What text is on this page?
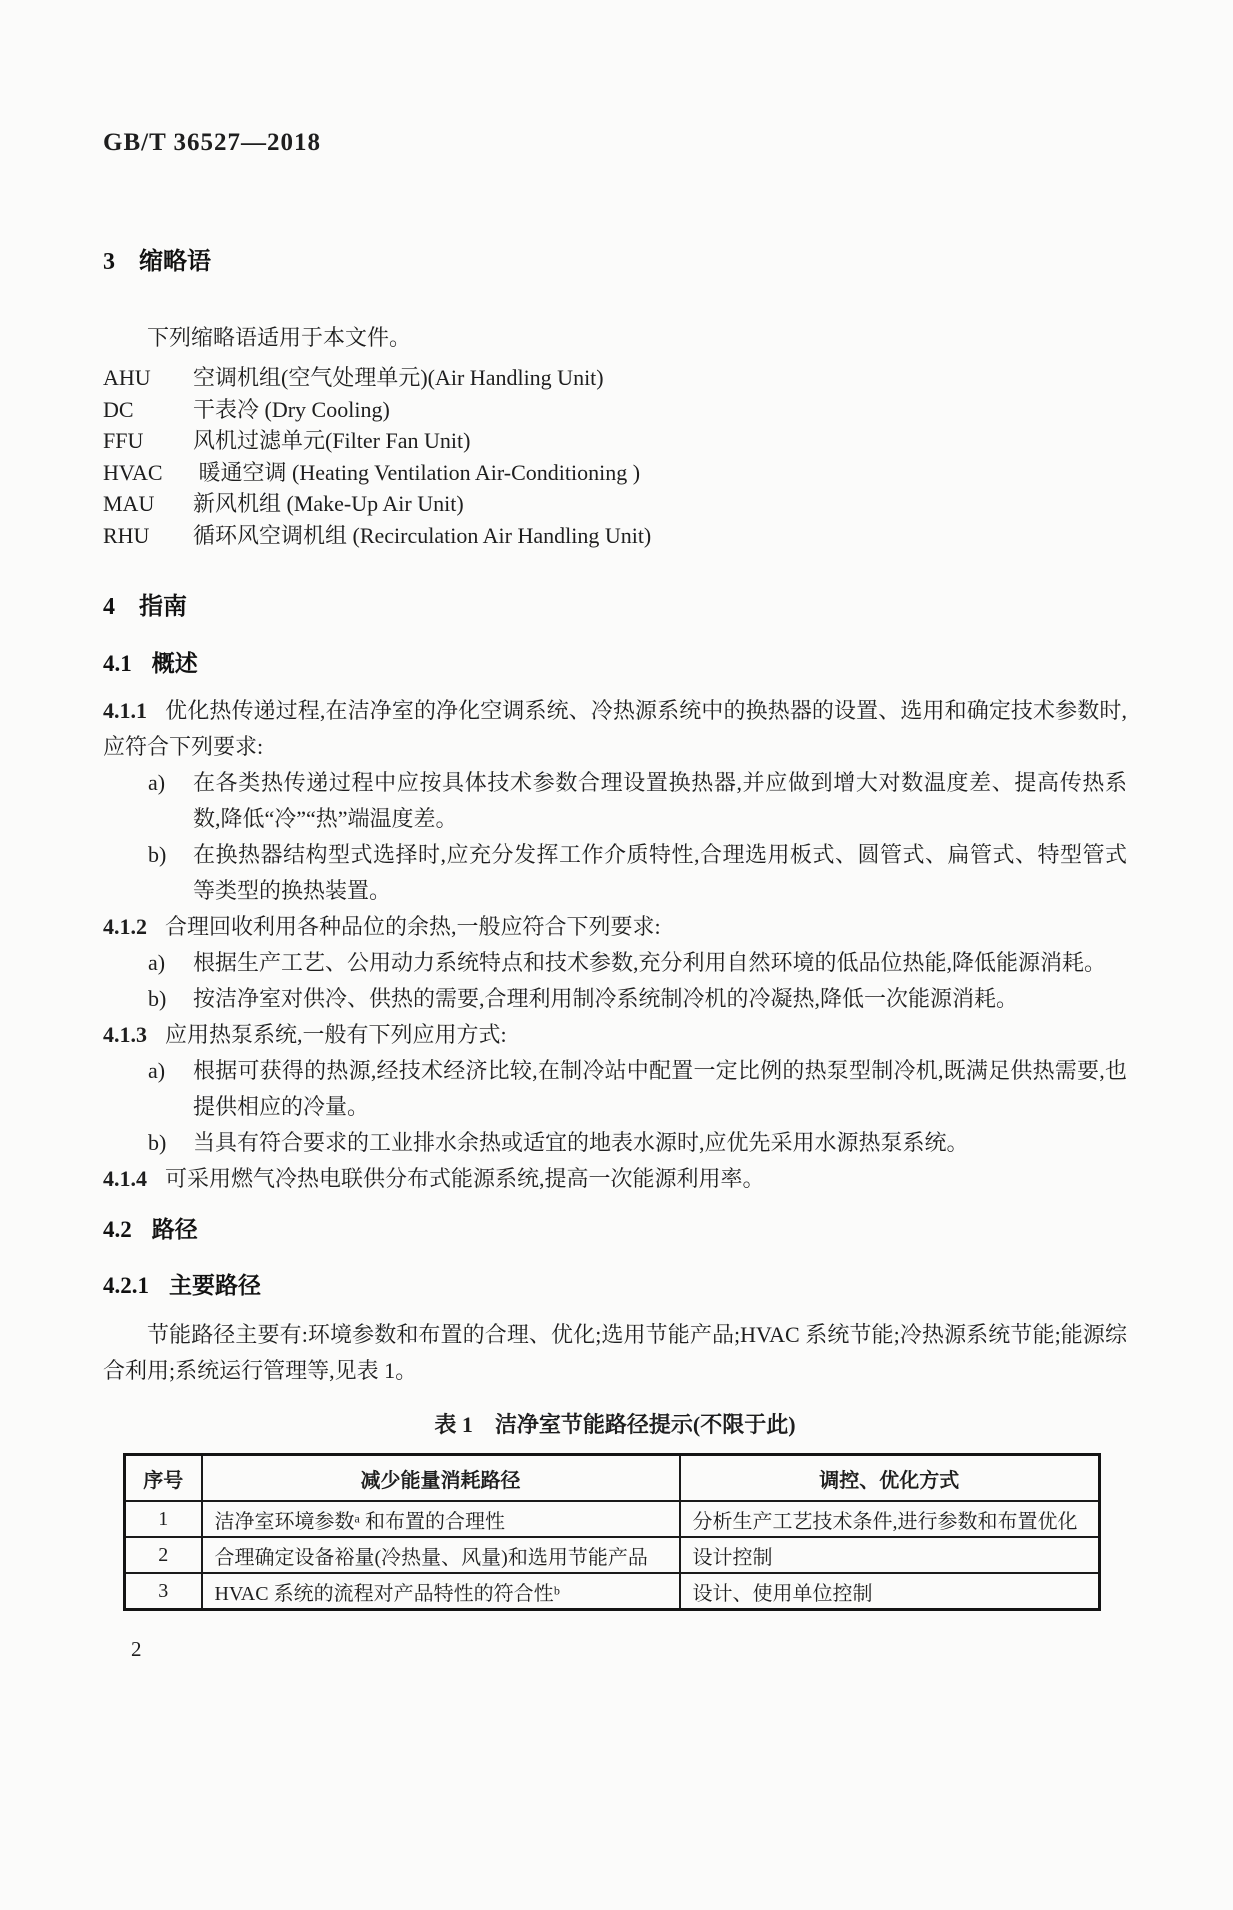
GB/T 36527—2018
3 缩略语

下列缩略语适用于本文件。

AHU 空调机组(空气处理单元)(Air Handling Unit)
DC	干表冷 (Dry Cooling)
FFU 风机过滤单元(Filter Fan Unit)
HVAC 暖通空调 (Heating Ventilation Air-Conditioning )
MAU 新风机组 (Make-Up Air Unit)
RHU 循环风空调机组 (Recirculation Air Handling Unit)
4 指南
4.1 概述

4.1.1 优化热传递过程,在洁净室的净化空调系统、冷热源系统中的换热器的设置、选用和确定技术参数时,应符合下列要求:

a) 在各类热传递过程中应按具体技术参数合理设置换热器,并应做到增大对数温度差、提高传热系数,降低“冷”“热”端温度差。
b) 在换热器结构型式选择时,应充分发挥工作介质特性,合理选用板式、圆管式、扁管式、特型管式等类型的换热装置。

4.1.2 合理回收利用各种品位的余热,一般应符合下列要求:

a) 根据生产工艺、公用动力系统特点和技术参数,充分利用自然环境的低品位热能,降低能源消耗。
b) 按洁净室对供冷、供热的需要,合理利用制冷系统制冷机的冷凝热,降低一次能源消耗。

4.1.3 应用热泵系统,一般有下列应用方式:

a) 根据可获得的热源,经技术经济比较,在制冷站中配置一定比例的热泵型制冷机,既满足供热需要,也提供相应的冷量。
b) 当具有符合要求的工业排水余热或适宜的地表水源时,应优先采用水源热泵系统。

4.1.4 可采用燃气冷热电联供分布式能源系统,提高一次能源利用率。

4.2 路径
4.2.1 主要路径

节能路径主要有:环境参数和布置的合理、优化;选用节能产品;HVAC 系统节能;冷热源系统节能;能源综合利用;系统运行管理等,见表 1。

表 1　洁净室节能路径提示(不限于此)
序号	减少能量消耗路径	调控、优化方式
1	洁净室环境参数ᵃ 和布置的合理性	分析生产工艺技术条件,进行参数和布置优化
2	合理确定设备裕量(冷热量、风量)和选用节能产品	设计控制
3	HVAC 系统的流程对产品特性的符合性ᵇ	设计、使用单位控制
2
